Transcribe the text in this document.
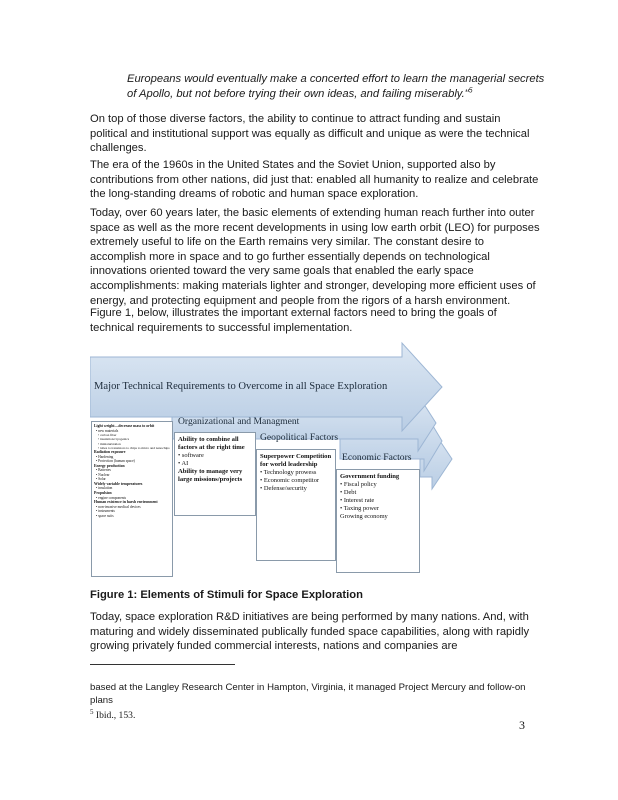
Europeans would eventually make a concerted effort to learn the managerial secrets of Apollo, but not before trying their own ideas, and failing miserably."$^5$

On top of those diverse factors, the ability to continue to attract funding and sustain political and institutional support was equally as difficult and unique as were the technical challenges.

The era of the 1960s in the United States and the Soviet Union, supported also by contributions from other nations, did just that: enabled all humanity to realize and celebrate the long-standing dreams of robotic and human space exploration.

Today, over 60 years later, the basic elements of extending human reach further into outer space as well as the more recent developments in using low earth orbit (LEO) for purposes extremely useful to life on the Earth remains very similar. The constant desire to accomplish more in space and to go further essentially depends on technological innovations oriented toward the very same goals that enabled the early space accomplishments: making materials lighter and stronger, developing more efficient uses of energy, and protecting equipment and people from the rigors of a harsh environment.

Figure 1, below, illustrates the important external factors need to bring the goals of technical requirements to successful implementation.

Major Technical Requirements to Overcome in all Space Exploration
Light weight—decrease mass to orbit
• new materials
• carbon fiber
• insulation/cryogenics
• miniaturization
• tubes to transistors to chips to micro and nanochips
Radiation exposure
• Hardening
• Protection (human space)
Energy production
• Batteries
• Nuclear
• Solar
Widely variable temperatures
• insulation
Propulsion
• engine components
Human existence in harsh environment
• non-invasive medical devices
• instruments
• space suits
Organizational and Managment
Ability to combine all factors at the right time
• software
• AI
Ability to manage very large missions/projects
Geopolitical Factors
Superpower Competition for world leadership
• Technology prowess
• Economic competitor
• Defense/security
Economic Factors
Government funding
• Fiscal policy
• Debt
• Interest rate
• Taxing power
Growing economy
Figure 1: Elements of Stimuli for Space Exploration

Today, space exploration R&D initiatives are being performed by many nations. And, with maturing and widely disseminated publically funded space capabilities, along with rapidly growing privately funded commercial interests, nations and companies are

based at the Langley Research Center in Hampton, Virginia, it managed Project Mercury and follow-on plans
$^5$ Ibid., 153.
3
